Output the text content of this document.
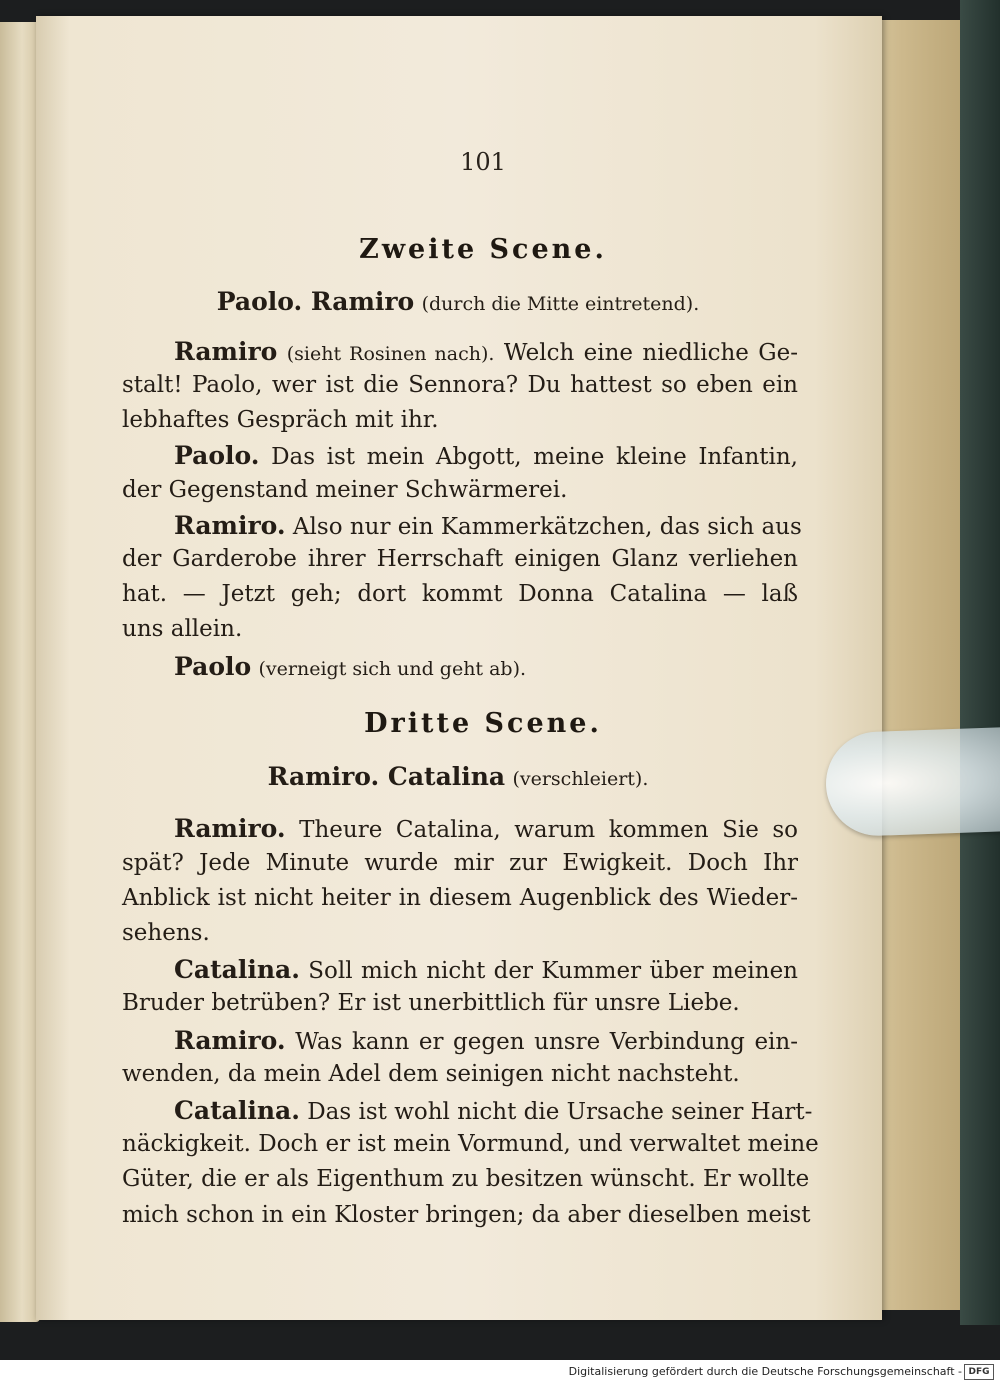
101
Zweite Scene.
Paolo. Ramiro (durch die Mitte eintretend).
Ramiro (sieht Rosinen nach). Welch eine niedliche Ge-
stalt! Paolo, wer ist die Sennora? Du hattest so eben ein
lebhaftes Gespräch mit ihr.
Paolo. Das ist mein Abgott, meine kleine Infantin,
der Gegenstand meiner Schwärmerei.
Ramiro. Also nur ein Kammerkätzchen, das sich aus
der Garderobe ihrer Herrschaft einigen Glanz verliehen
hat. — Jetzt geh; dort kommt Donna Catalina — laß
uns allein.
Paolo (verneigt sich und geht ab).
Dritte Scene.
Ramiro. Catalina (verschleiert).
Ramiro. Theure Catalina, warum kommen Sie so
spät? Jede Minute wurde mir zur Ewigkeit. Doch Ihr
Anblick ist nicht heiter in diesem Augenblick des Wieder-
sehens.
Catalina. Soll mich nicht der Kummer über meinen
Bruder betrüben? Er ist unerbittlich für unsre Liebe.
Ramiro. Was kann er gegen unsre Verbindung ein-
wenden, da mein Adel dem seinigen nicht nachsteht.
Catalina. Das ist wohl nicht die Ursache seiner Hart-
näckigkeit. Doch er ist mein Vormund, und verwaltet meine
Güter, die er als Eigenthum zu besitzen wünscht. Er wollte
mich schon in ein Kloster bringen; da aber dieselben meist
Digitalisierung gefördert durch die Deutsche Forschungsgemeinschaft - DFG
